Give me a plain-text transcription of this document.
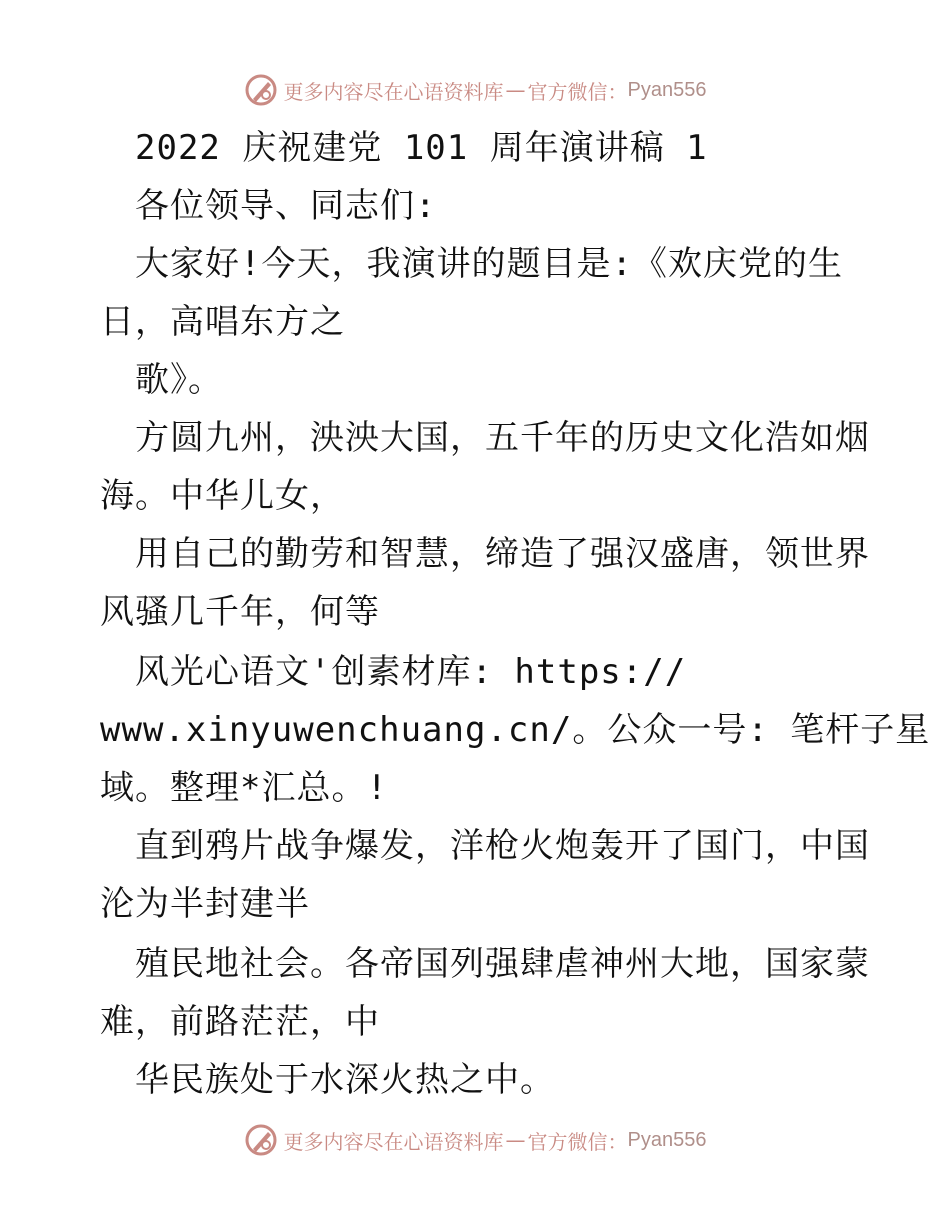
更多内容尽在心语资料库 — 官方微信： Pyan556
2022 庆祝建党 101 周年演讲稿 1
各位领导、同志们:
大家好!今天，我演讲的题目是:《欢庆党的生
日，高唱东方之
歌》。
方圆九州，泱泱大国，五千年的历史文化浩如烟
海。中华儿女，
用自己的勤劳和智慧，缔造了强汉盛唐，领世界
风骚几千年，何等
风光心语文'创素材库: https://
www.xinyuwenchuang.cn/。公众一号: 笔杆子星
域。整理*汇总。!
直到鸦片战争爆发，洋枪火炮轰开了国门，中国
沦为半封建半
殖民地社会。各帝国列强肆虐神州大地，国家蒙
难，前路茫茫，中
华民族处于水深火热之中。
更多内容尽在心语资料库 — 官方微信： Pyan556
